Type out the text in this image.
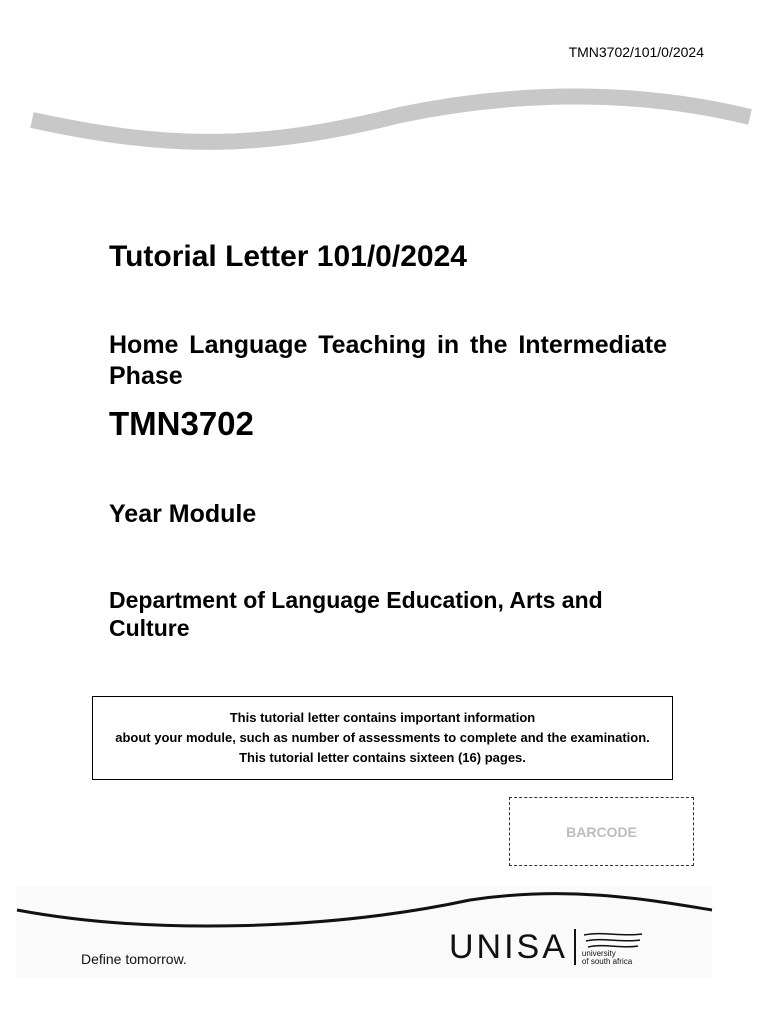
TMN3702/101/0/2024
Tutorial Letter 101/0/2024
Home Language Teaching in the Intermediate Phase
TMN3702
Year Module
Department of Language Education, Arts and Culture
This tutorial letter contains important information
about your module, such as number of assessments to complete and the examination.
This tutorial letter contains sixteen (16) pages.
BARCODE
Define tomorrow.	UNISA university
of south africa
